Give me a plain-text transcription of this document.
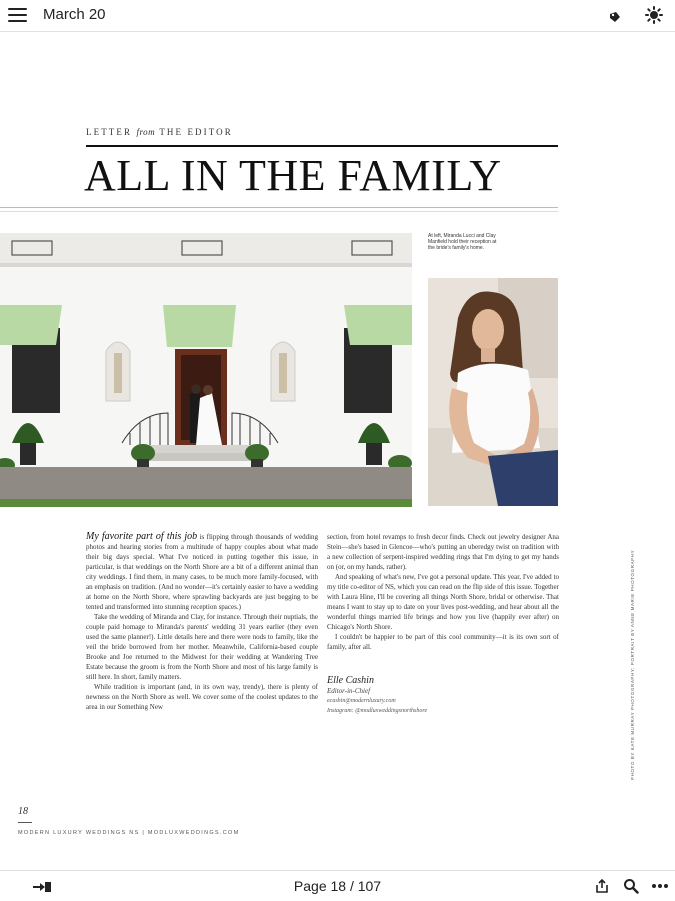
March 20
LETTER from THE EDITOR
ALL IN THE FAMILY
At left, Miranda Lucci and Clay Manfield hold their reception at the bride's family's home.

My favorite part of this job is flipping through thousands of wedding photos and hearing stories from a multitude of happy couples about what made their big days special. What I've noticed in putting together this issue, in particular, is that weddings on the North Shore are a bit of a different animal than city weddings. I find them, in many cases, to be much more family-focused, with an emphasis on tradition. (And no wonder—it's certainly easier to have a wedding at home on the North Shore, where sprawling backyards are just begging to be tented and transformed into stunning reception spaces.)

Take the wedding of Miranda and Clay, for instance. Through their nuptials, the couple paid homage to Miranda's parents' wedding 31 years earlier (they even used the same planner!). Little details here and there were nods to family, like the veil the bride borrowed from her mother. Meanwhile, California-based couple Brooke and Joe returned to the Midwest for their wedding at Wandering Tree Estate because the groom is from the North Shore and most of his large family is still here. In short, family matters.

While tradition is important (and, in its own way, trendy), there is plenty of newness on the North Shore as well. We cover some of the coolest updates to the area in our Something New

section, from hotel revamps to fresh decor finds. Check out jewelry designer Ana Stein—she's based in Glencoe—who's putting an uberedgy twist on tradition with a new collection of serpent-inspired wedding rings that I'm dying to get my hands on (or, on my hands, rather).

And speaking of what's new, I've got a personal update. This year, I've added to my title co-editor of NS, which you can read on the flip side of this issue. Together with Laura Hine, I'll be covering all things North Shore, bridal or otherwise. That means I want to stay up to date on your lives post-wedding, and hear about all the wonderful things married life brings and how you live (happily ever after) on Chicago's North Shore.

I couldn't be happier to be part of this cool community—it is its own sort of family, after all.

Elle Cashin
Editor-in-Chief
ecashin@modernluxury.com
Instagram: @modluxweddingsnorthshore
18
MODERN LUXURY WEDDINGS NS | MODLUXWEDDINGS.COM
PHOTO BY KATE MURRAY PHOTOGRAPHY; PORTRAIT BY ANNE MARIE PHOTOGRAPHY
Page 18 / 107
